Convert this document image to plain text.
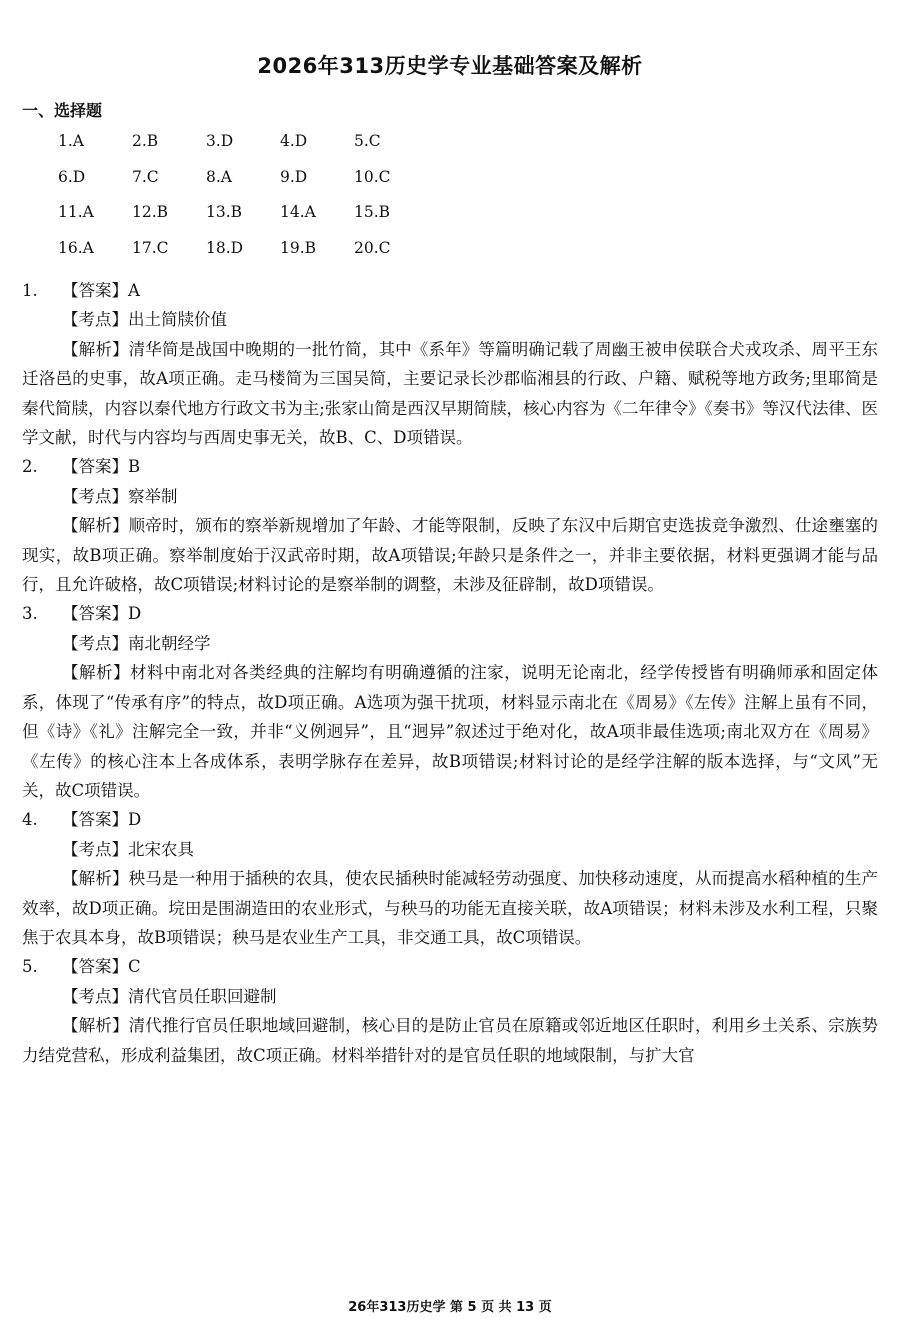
2026年313历史学专业基础答案及解析
一、选择题
1.A	2.B	3.D	4.D	5.C
6.D	7.C	8.A	9.D	10.C
11.A	12.B	13.B	14.A	15.B
16.A	17.C	18.D	19.B	20.C
1.	【答案】A
【考点】出土简牍价值
【解析】清华简是战国中晚期的一批竹简，其中《系年》等篇明确记载了周幽王被申侯联合犬戎攻杀、周平王东迁洛邑的史事，故A项正确。走马楼简为三国吴简，主要记录长沙郡临湘县的行政、户籍、赋税等地方政务;里耶简是秦代简牍，内容以秦代地方行政文书为主;张家山简是西汉早期简牍，核心内容为《二年律令》《奏书》等汉代法律、医学文献，时代与内容均与西周史事无关，故B、C、D项错误。
2.	【答案】B
【考点】察举制
【解析】顺帝时，颁布的察举新规增加了年龄、才能等限制，反映了东汉中后期官吏选拔竞争激烈、仕途壅塞的现实，故B项正确。察举制度始于汉武帝时期，故A项错误;年龄只是条件之一，并非主要依据，材料更强调才能与品行，且允许破格，故C项错误;材料讨论的是察举制的调整，未涉及征辟制，故D项错误。
3.	【答案】D
【考点】南北朝经学
【解析】材料中南北对各类经典的注解均有明确遵循的注家，说明无论南北，经学传授皆有明确师承和固定体系，体现了“传承有序”的特点，故D项正确。A选项为强干扰项，材料显示南北在《周易》《左传》注解上虽有不同，但《诗》《礼》注解完全一致，并非“义例迥异”，且“迥异”叙述过于绝对化，故A项非最佳选项;南北双方在《周易》《左传》的核心注本上各成体系，表明学脉存在差异，故B项错误;材料讨论的是经学注解的版本选择，与“文风”无关，故C项错误。
4.	【答案】D
【考点】北宋农具
【解析】秧马是一种用于插秧的农具，使农民插秧时能减轻劳动强度、加快移动速度，从而提高水稻种植的生产效率，故D项正确。垸田是围湖造田的农业形式，与秧马的功能无直接关联，故A项错误；材料未涉及水利工程，只聚焦于农具本身，故B项错误；秧马是农业生产工具，非交通工具，故C项错误。
5.	【答案】C
【考点】清代官员任职回避制
【解析】清代推行官员任职地域回避制，核心目的是防止官员在原籍或邻近地区任职时，利用乡土关系、宗族势力结党营私，形成利益集团，故C项正确。材料举措针对的是官员任职的地域限制，与扩大官
26年313历史学 第 5 页 共 13 页
